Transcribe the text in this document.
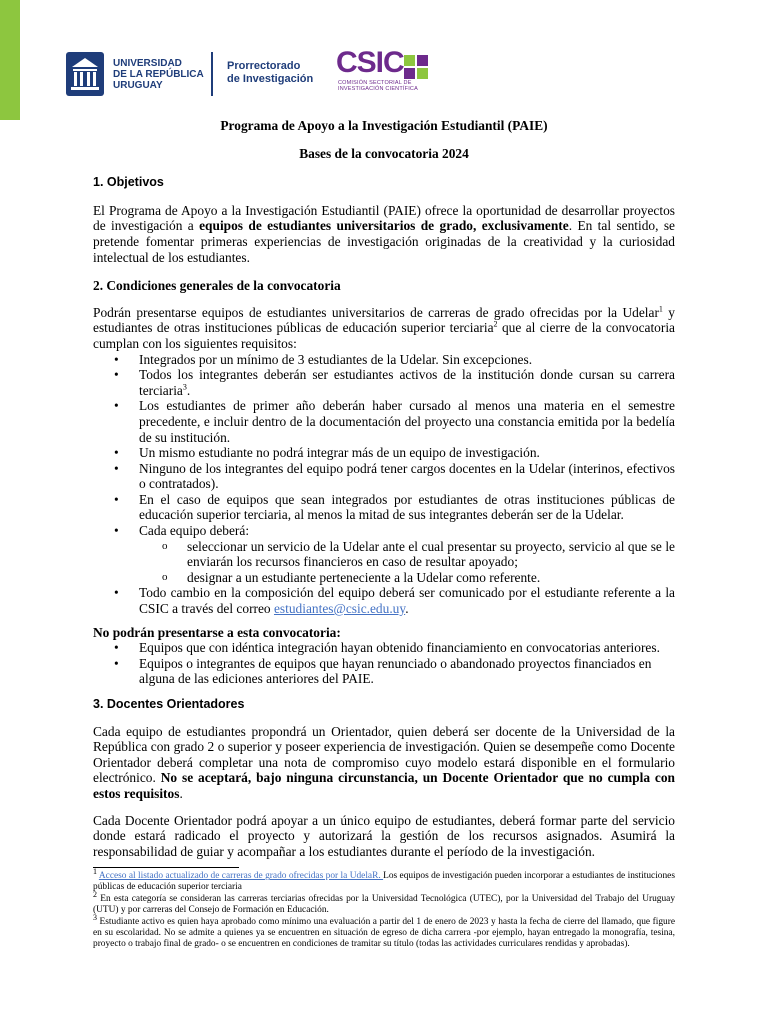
UNIVERSIDAD
DE LA REPÚBLICA
URUGUAY
Prorrectorado
de Investigación CSIC
COMISIÓN SECTORIAL DE
INVESTIGACIÓN CIENTÍFICA

Programa de Apoyo a la Investigación Estudiantil (PAIE)

Bases de la convocatoria 2024

1. Objetivos

El Programa de Apoyo a la Investigación Estudiantil (PAIE) ofrece la oportunidad de desarrollar proyectos de investigación a equipos de estudiantes universitarios de grado, exclusivamente. En tal sentido, se pretende fomentar primeras experiencias de investigación originadas de la creatividad y la curiosidad intelectual de los estudiantes.

2. Condiciones generales de la convocatoria

Podrán presentarse equipos de estudiantes universitarios de carreras de grado ofrecidas por la Udelar$^1$ y estudiantes de otras instituciones públicas de educación superior terciaria$^2$ que al cierre de la convocatoria cumplan con los siguientes requisitos:

• Integrados por un mínimo de 3 estudiantes de la Udelar. Sin excepciones.
• Todos los integrantes deberán ser estudiantes activos de la institución donde cursan su carrera terciaria$^3$.
• Los estudiantes de primer año deberán haber cursado al menos una materia en el semestre precedente, e incluir dentro de la documentación del proyecto una constancia emitida por la bedelía de su institución.
• Un mismo estudiante no podrá integrar más de un equipo de investigación.
• Ninguno de los integrantes del equipo podrá tener cargos docentes en la Udelar (interinos, efectivos o contratados).
• En el caso de equipos que sean integrados por estudiantes de otras instituciones públicas de educación superior terciaria, al menos la mitad de sus integrantes deberán ser de la Udelar.
• Cada equipo deberá:
o seleccionar un servicio de la Udelar ante el cual presentar su proyecto, servicio al que se le enviarán los recursos financieros en caso de resultar apoyado;
o designar a un estudiante perteneciente a la Udelar como referente.
• Todo cambio en la composición del equipo deberá ser comunicado por el estudiante referente a la CSIC a través del correo estudiantes@csic.edu.uy.

No podrán presentarse a esta convocatoria:

• Equipos que con idéntica integración hayan obtenido financiamiento en convocatorias anteriores.
• Equipos o integrantes de equipos que hayan renunciado o abandonado proyectos financiados en alguna de las ediciones anteriores del PAIE.

3. Docentes Orientadores

Cada equipo de estudiantes propondrá un Orientador, quien deberá ser docente de la Universidad de la República con grado 2 o superior y poseer experiencia de investigación. Quien se desempeñe como Docente Orientador deberá completar una nota de compromiso cuyo modelo estará disponible en el formulario electrónico. No se aceptará, bajo ninguna circunstancia, un Docente Orientador que no cumpla con estos requisitos.

Cada Docente Orientador podrá apoyar a un único equipo de estudiantes, deberá formar parte del servicio donde estará radicado el proyecto y autorizará la gestión de los recursos asignados. Asumirá la responsabilidad de guiar y acompañar a los estudiantes durante el período de la investigación.

$^1$ Acceso al listado actualizado de carreras de grado ofrecidas por la UdelaR. Los equipos de investigación pueden incorporar a estudiantes de instituciones públicas de educación superior terciaria

$^2$ En esta categoría se consideran las carreras terciarias ofrecidas por la Universidad Tecnológica (UTEC), por la Universidad del Trabajo del Uruguay (UTU) y por carreras del Consejo de Formación en Educación.

$^3$ Estudiante activo es quien haya aprobado como mínimo una evaluación a partir del 1 de enero de 2023 y hasta la fecha de cierre del llamado, que figure en su escolaridad. No se admite a quienes ya se encuentren en situación de egreso de dicha carrera -por ejemplo, hayan entregado la monografía, tesina, proyecto o trabajo final de grado- o se encuentren en condiciones de tramitar su título (todas las actividades curriculares rendidas y aprobadas).
